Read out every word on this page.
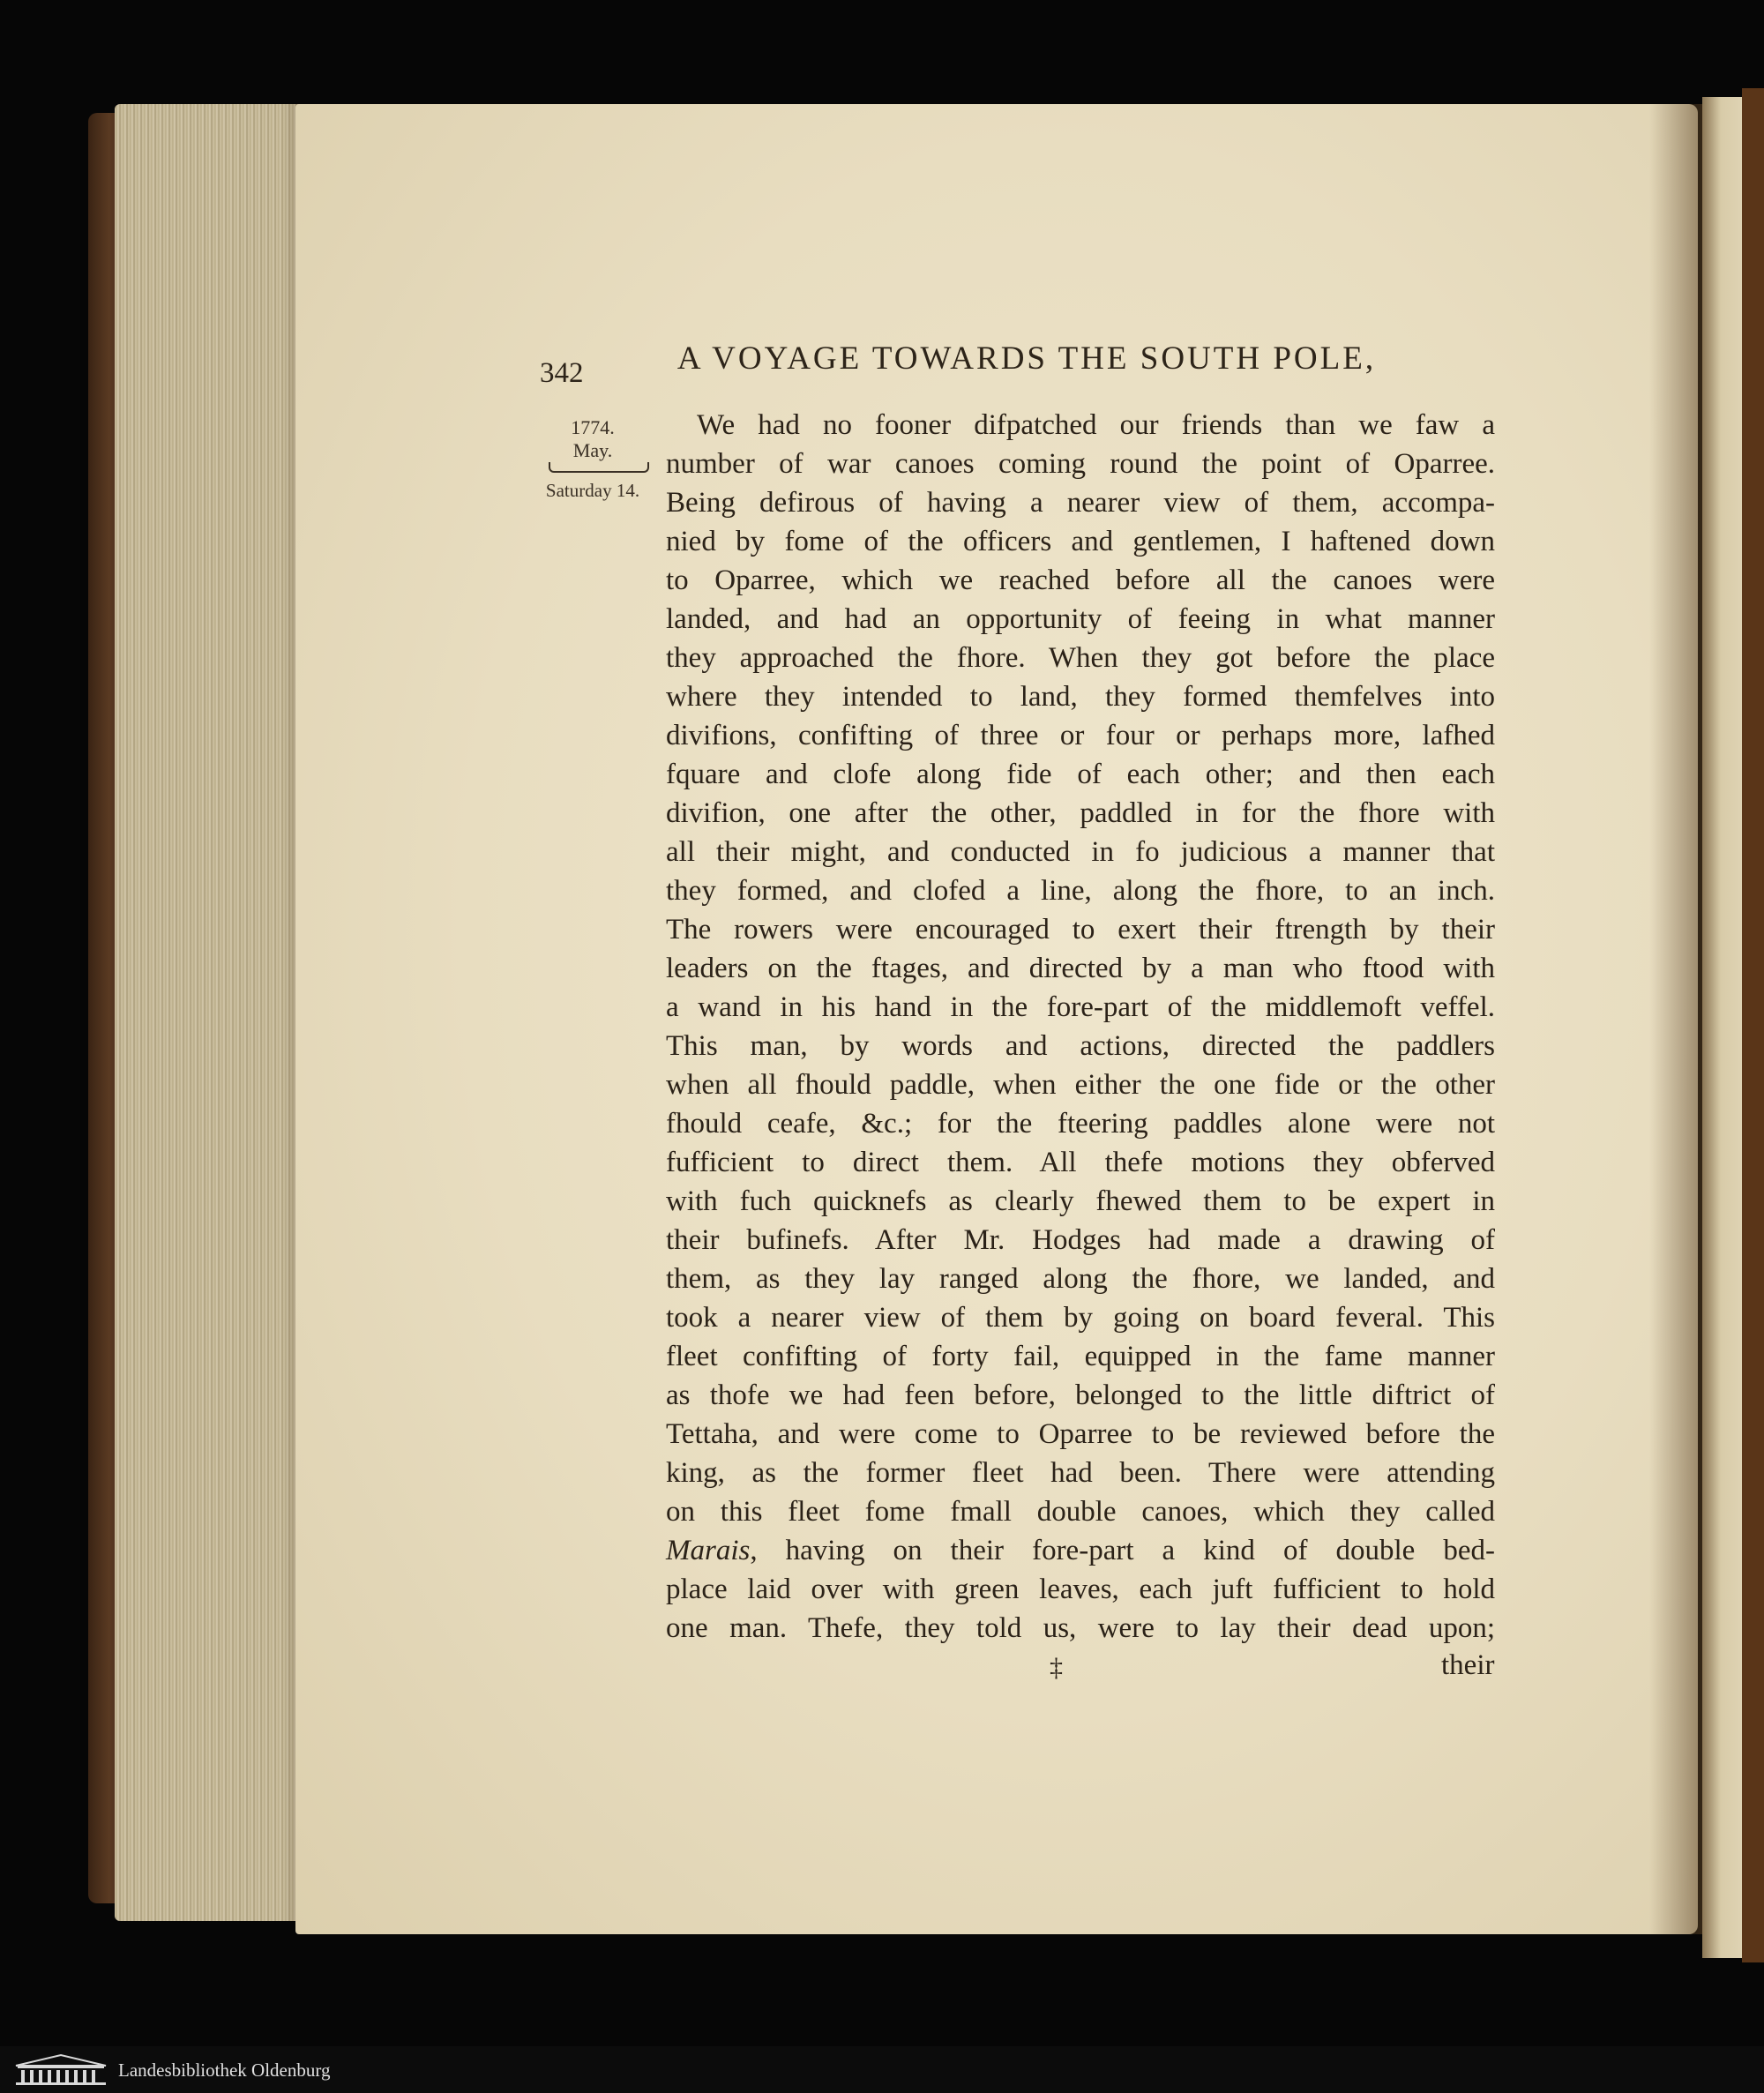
342	A VOYAGE TOWARDS THE SOUTH POLE,
1774.
May.
Saturday 14.
We had no fooner difpatched our friends than we faw a
number of war canoes coming round the point of Oparree.
Being defirous of having a nearer view of them, accompa-
nied by fome of the officers and gentlemen, I haftened down
to Oparree, which we reached before all the canoes were
landed, and had an opportunity of feeing in what manner
they approached the fhore. When they got before the place
where they intended to land, they formed themfelves into
divifions, confifting of three or four or perhaps more, lafhed
fquare and clofe along fide of each other; and then each
divifion, one after the other, paddled in for the fhore with
all their might, and conducted in fo judicious a manner that
they formed, and clofed a line, along the fhore, to an inch.
The rowers were encouraged to exert their ftrength by their
leaders on the ftages, and directed by a man who ftood with
a wand in his hand in the fore-part of the middlemoft veffel.
This man, by words and actions, directed the paddlers
when all fhould paddle, when either the one fide or the other
fhould ceafe, &c.; for the fteering paddles alone were not
fufficient to direct them. All thefe motions they obferved
with fuch quicknefs as clearly fhewed them to be expert in
their bufinefs. After Mr. Hodges had made a drawing of
them, as they lay ranged along the fhore, we landed, and
took a nearer view of them by going on board feveral. This
fleet confifting of forty fail, equipped in the fame manner
as thofe we had feen before, belonged to the little diftrict of
Tettaha, and were come to Oparree to be reviewed before the
king, as the former fleet had been. There were attending
on this fleet fome fmall double canoes, which they called
Marais, having on their fore-part a kind of double bed-
place laid over with green leaves, each juft fufficient to hold
one man. Thefe, they told us, were to lay their dead upon;
‡	their
Landesbibliothek Oldenburg
